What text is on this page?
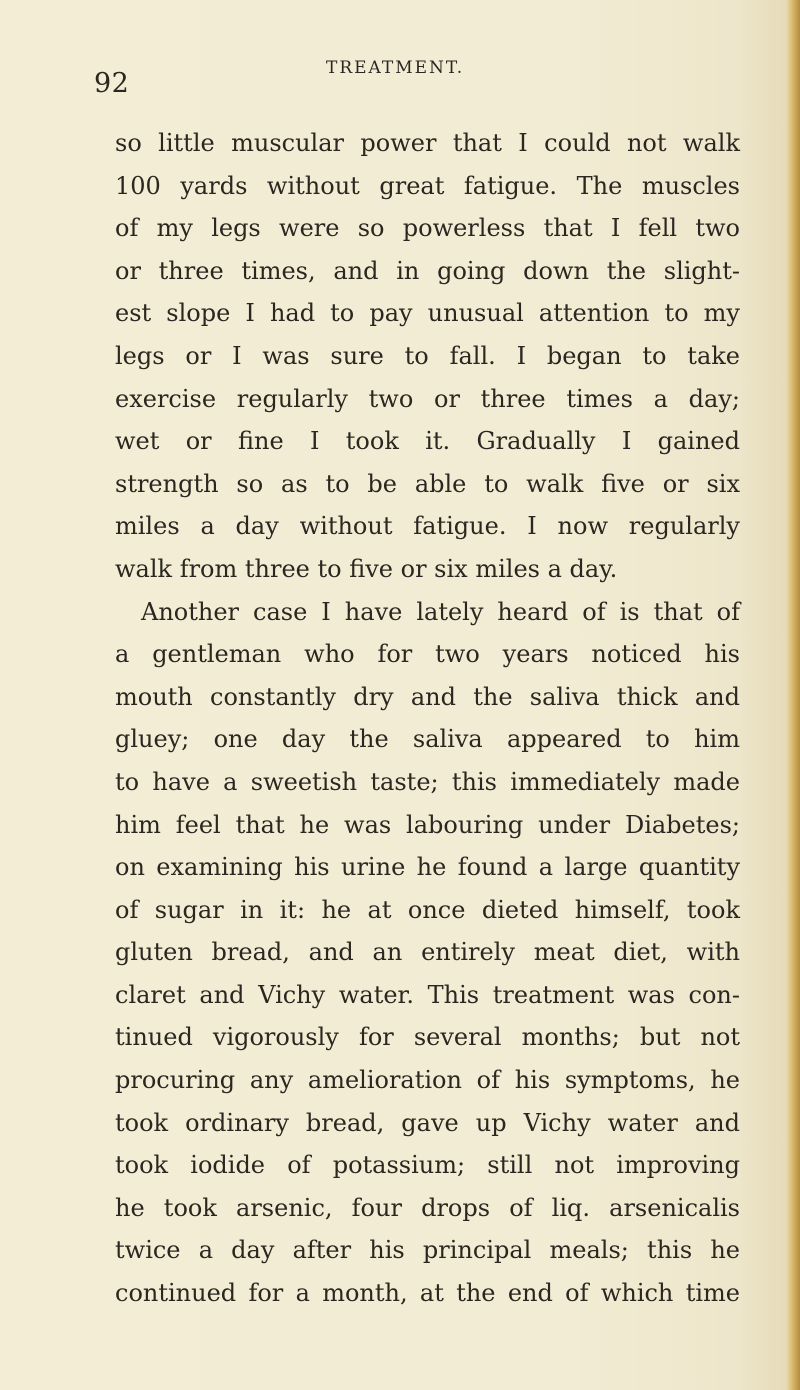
92	TREATMENT.
so little muscular power that I could not walk
100 yards without great fatigue. The muscles
of my legs were so powerless that I fell two
or three times, and in going down the slight-
est slope I had to pay unusual attention to my
legs or I was sure to fall. I began to take
exercise regularly two or three times a day;
wet or fine I took it. Gradually I gained
strength so as to be able to walk five or six
miles a day without fatigue. I now regularly
walk from three to five or six miles a day.
Another case I have lately heard of is that of
a gentleman who for two years noticed his
mouth constantly dry and the saliva thick and
gluey; one day the saliva appeared to him
to have a sweetish taste; this immediately made
him feel that he was labouring under Diabetes;
on examining his urine he found a large quantity
of sugar in it: he at once dieted himself, took
gluten bread, and an entirely meat diet, with
claret and Vichy water. This treatment was con-
tinued vigorously for several months; but not
procuring any amelioration of his symptoms, he
took ordinary bread, gave up Vichy water and
took iodide of potassium; still not improving
he took arsenic, four drops of liq. arsenicalis
twice a day after his principal meals; this he
continued for a month, at the end of which time
